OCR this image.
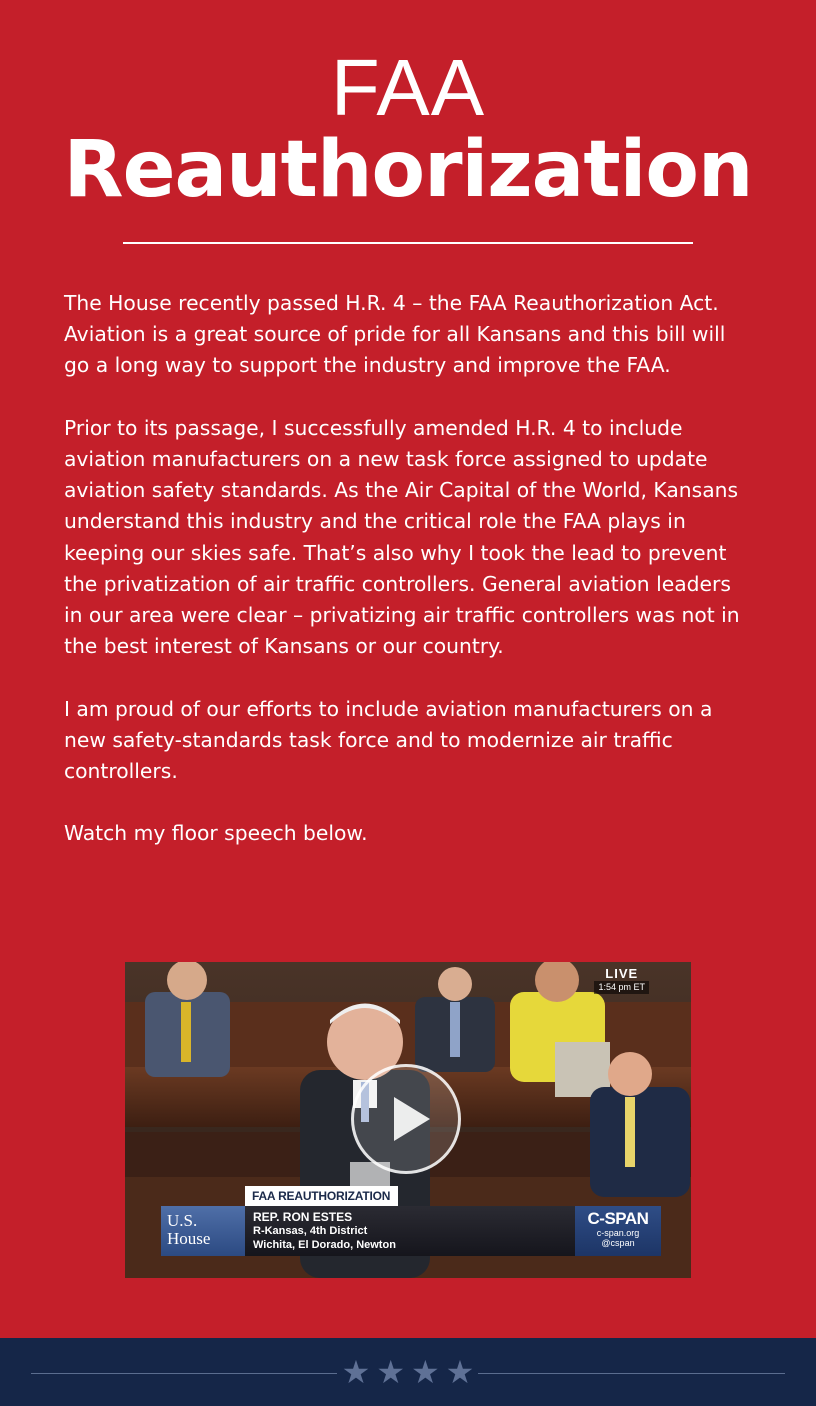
FAA
Reauthorization

The House recently passed H.R. 4 – the FAA Reauthorization Act. Aviation is a great source of pride for all Kansans and this bill will go a long way to support the industry and improve the FAA.

Prior to its passage, I successfully amended H.R. 4 to include aviation manufacturers on a new task force assigned to update aviation safety standards. As the Air Capital of the World, Kansans understand this industry and the critical role the FAA plays in keeping our skies safe. That’s also why I took the lead to prevent the privatization of air traffic controllers. General aviation leaders in our area were clear – privatizing air traffic controllers was not in the best interest of Kansans or our country.

I am proud of our efforts to include aviation manufacturers on a new safety-standards task force and to modernize air traffic controllers.

Watch my floor speech below.

LIVE
1:54 pm ET
U.S.
House
FAA REAUTHORIZATION
REP. RON ESTES
R-Kansas, 4th District
Wichita, El Dorado, Newton
C-SPAN
c-span.org
@cspan
★ ★ ★ ★
